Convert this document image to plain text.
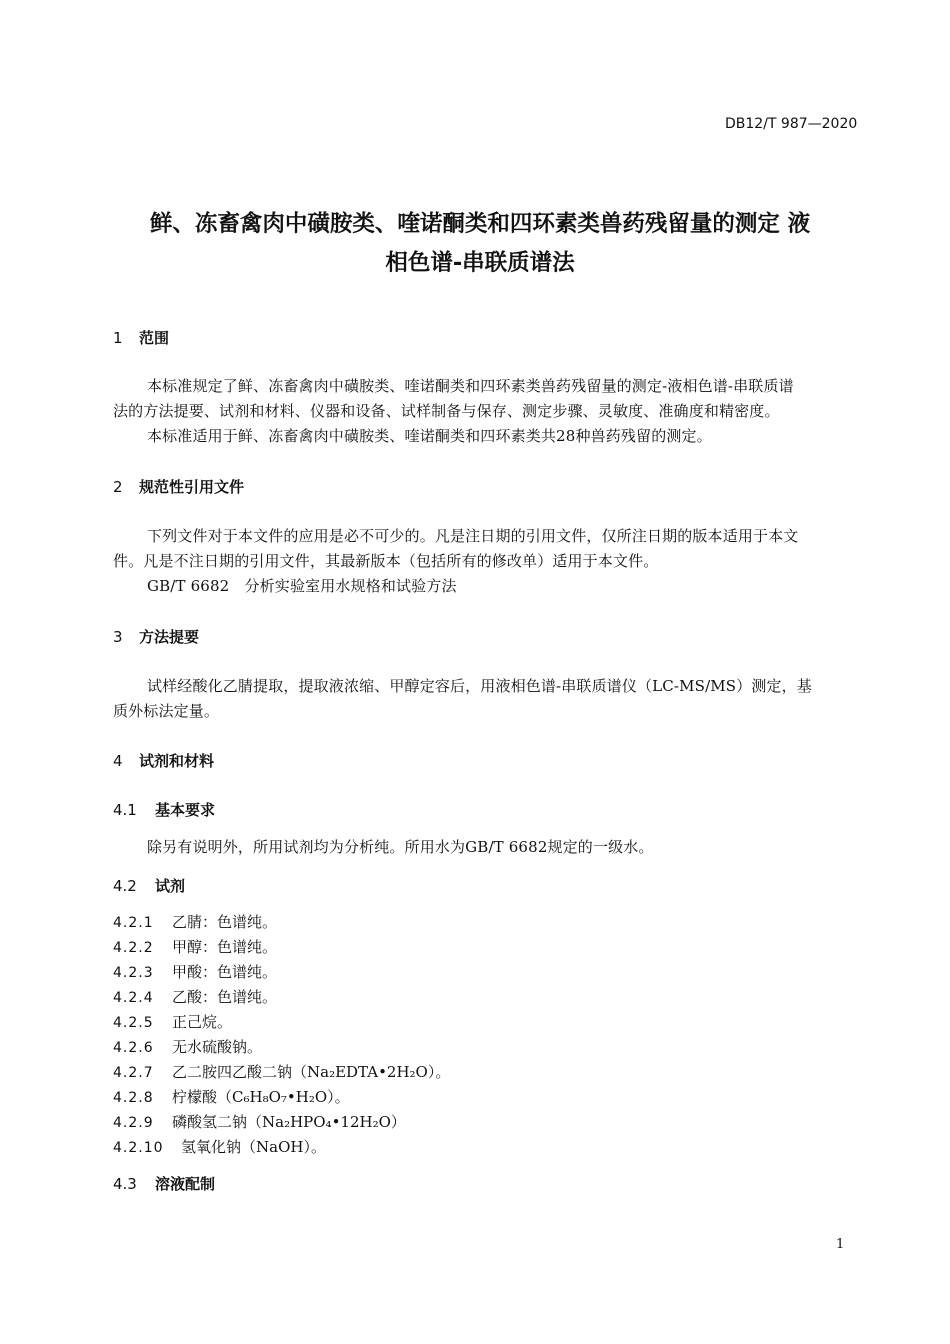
DB12/T 987—2020
鲜、冻畜禽肉中磺胺类、喹诺酮类和四环素类兽药残留量的测定 液
相色谱-串联质谱法
1 范围
本标准规定了鲜、冻畜禽肉中磺胺类、喹诺酮类和四环素类兽药残留量的测定-液相色谱-串联质谱
法的方法提要、试剂和材料、仪器和设备、试样制备与保存、测定步骤、灵敏度、准确度和精密度。
本标准适用于鲜、冻畜禽肉中磺胺类、喹诺酮类和四环素类共28种兽药残留的测定。
2 规范性引用文件
下列文件对于本文件的应用是必不可少的。凡是注日期的引用文件，仅所注日期的版本适用于本文
件。凡是不注日期的引用文件，其最新版本（包括所有的修改单）适用于本文件。
GB/T 6682　分析实验室用水规格和试验方法
3 方法提要
试样经酸化乙腈提取，提取液浓缩、甲醇定容后，用液相色谱-串联质谱仪（LC-MS/MS）测定，基
质外标法定量。
4 试剂和材料
4.1 基本要求
除另有说明外，所用试剂均为分析纯。所用水为GB/T 6682规定的一级水。
4.2 试剂
4.2.1 乙腈：色谱纯。
4.2.2 甲醇：色谱纯。
4.2.3 甲酸：色谱纯。
4.2.4 乙酸：色谱纯。
4.2.5 正己烷。
4.2.6 无水硫酸钠。
4.2.7 乙二胺四乙酸二钠（Na₂EDTA•2H₂O）。
4.2.8 柠檬酸（C₆H₈O₇•H₂O）。
4.2.9 磷酸氢二钠（Na₂HPO₄•12H₂O）
4.2.10 氢氧化钠（NaOH）。
4.3 溶液配制
1
